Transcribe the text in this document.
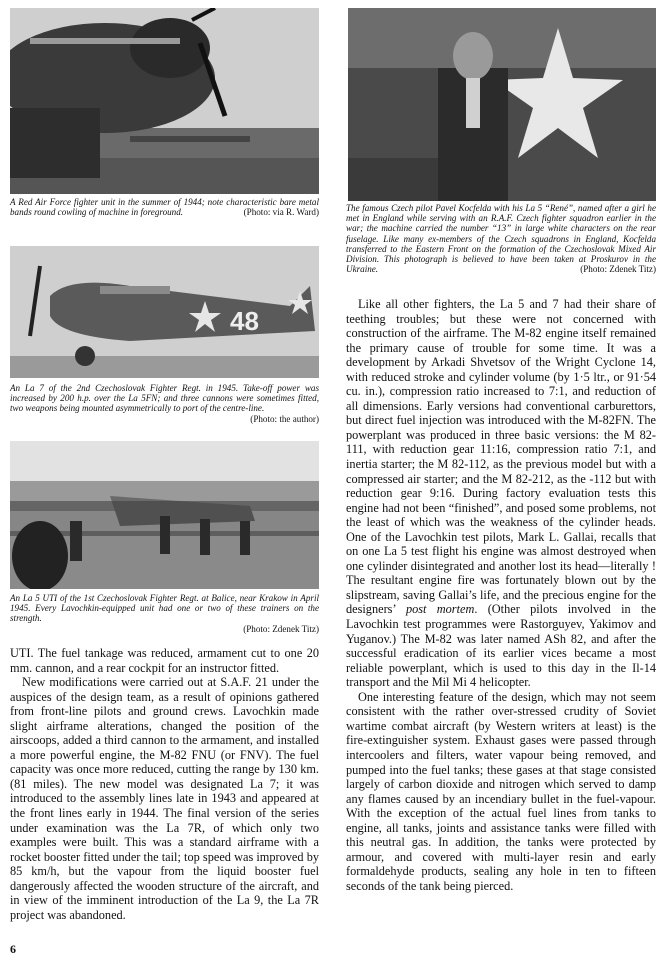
A Red Air Force fighter unit in the summer of 1944; note characteristic bare metal bands round cowling of machine in foreground.	(Photo: via R. Ward)	The famous Czech pilot Pavel Kocfelda with his La 5 “René”, named after a girl he met in England while serving with an R.A.F. Czech fighter squadron earlier in the war; the machine carried the number “13” in large white characters on the rear fuselage. Like many ex-members of the Czech squadrons in England, Kocfelda transferred to the Eastern Front on the formation of the Czechoslovak Mixed Air Division. This photograph is believed to have been taken at Proskurov in the Ukraine.	(Photo: Zdenek Titz)

48

An La 7 of the 2nd Czechoslovak Fighter Regt. in 1945. Take-off power was increased by 200 h.p. over the La 5FN; and three cannons were sometimes fitted, two weapons being mounted asymmetrically to port of the centre-line.
(Photo: the author)

An La 5 UTI of the 1st Czechoslovak Fighter Regt. at Balice, near Krakow in April 1945. Every Lavochkin-equipped unit had one or two of these trainers on the strength.
(Photo: Zdenek Titz)

UTI. The fuel tankage was reduced, armament cut to one 20 mm. cannon, and a rear cockpit for an instructor fitted.

New modifications were carried out at S.A.F. 21 under the auspices of the design team, as a result of opinions gathered from front-line pilots and ground crews. Lavochkin made slight airframe alterations, changed the position of the airscoops, added a third cannon to the armament, and installed a more powerful engine, the M-82 FNU (or FNV). The fuel capacity was once more reduced, cutting the range by 130 km. (81 miles). The new model was designated La 7; it was introduced to the assembly lines late in 1943 and appeared at the front lines early in 1944. The final version of the series under examination was the La 7R, of which only two examples were built. This was a standard airframe with a rocket booster fitted under the tail; top speed was improved by 85 km/h, but the vapour from the liquid booster fuel dangerously affected the wooden structure of the aircraft, and in view of the imminent introduction of the La 9, the La 7R project was abandoned.

Like all other fighters, the La 5 and 7 had their share of teething troubles; but these were not concerned with construction of the airframe. The M-82 engine itself remained the primary cause of trouble for some time. It was a development by Arkadi Shvetsov of the Wright Cyclone 14, with reduced stroke and cylinder volume (by 1·5 ltr., or 91·54 cu. in.), compression ratio increased to 7:1, and reduction of all dimensions. Early versions had conventional carburettors, but direct fuel injection was introduced with the M-82FN. The powerplant was produced in three basic versions: the M 82-111, with reduction gear 11:16, compression ratio 7:1, and inertia starter; the M 82-112, as the previous model but with a compressed air starter; and the M 82-212, as the -112 but with reduction gear 9:16. During factory evaluation tests this engine had not been “finished”, and posed some problems, not the least of which was the weakness of the cylinder heads. One of the Lavochkin test pilots, Mark L. Gallai, recalls that on one La 5 test flight his engine was almost destroyed when one cylinder disintegrated and another lost its head—literally ! The resultant engine fire was fortunately blown out by the slipstream, saving Gallai’s life, and the precious engine for the designers’ post mortem. (Other pilots involved in the Lavochkin test programmes were Rastorguyev, Yakimov and Yuganov.) The M-82 was later named ASh 82, and after the successful eradication of its earlier vices became a most reliable powerplant, which is used to this day in the Il-14 transport and the Mil Mi 4 helicopter.

One interesting feature of the design, which may not seem consistent with the rather over-stressed crudity of Soviet wartime combat aircraft (by Western writers at least) is the fire-extinguisher system. Exhaust gases were passed through intercoolers and filters, water vapour being removed, and pumped into the fuel tanks; these gases at that stage consisted largely of carbon dioxide and nitrogen which served to damp any flames caused by an incendiary bullet in the fuel-vapour. With the exception of the actual fuel lines from tanks to engine, all tanks, joints and assistance tanks were filled with this neutral gas. In addition, the tanks were protected by armour, and covered with multi-layer resin and early formaldehyde products, sealing any hole in ten to fifteen seconds of the tank being pierced.

6
